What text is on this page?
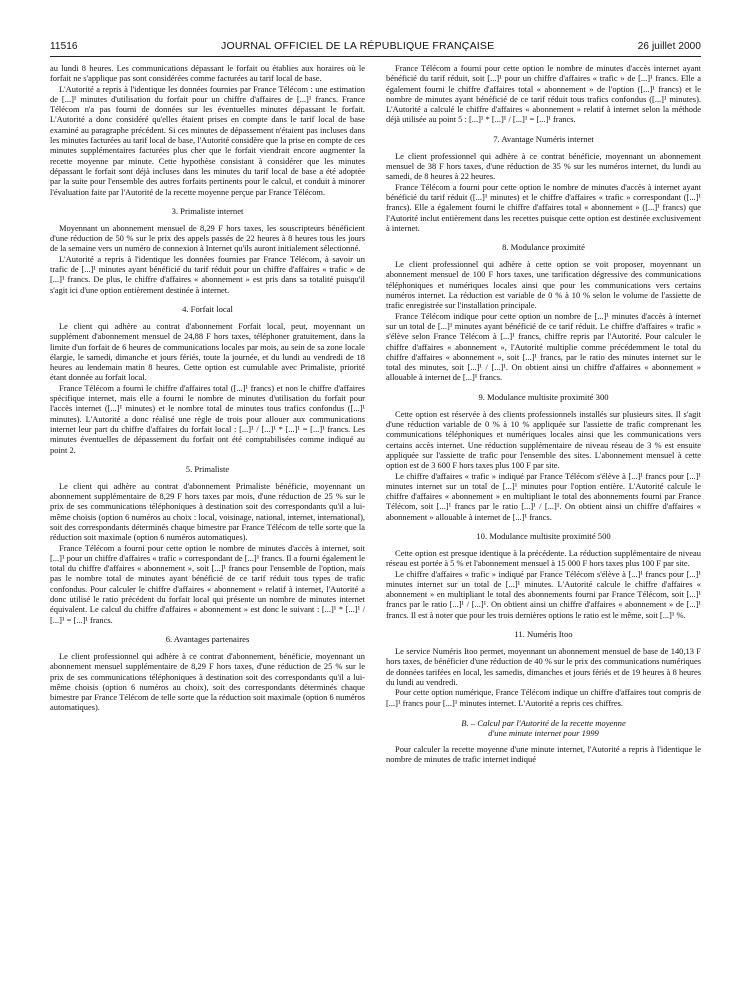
11516	JOURNAL OFFICIEL DE LA RÉPUBLIQUE FRANÇAISE	26 juillet 2000

au lundi 8 heures. Les communications dépassant le forfait ou établies aux horaires où le forfait ne s'applique pas sont considérées comme facturées au tarif local de base.

L'Autorité a repris à l'identique les données fournies par France Télécom : une estimation de [...]¹ minutes d'utilisation du forfait pour un chiffre d'affaires de [...]¹ francs. France Télécom n'a pas fourni de données sur les éventuelles minutes dépassant le forfait. L'Autorité a donc considéré qu'elles étaient prises en compte dans le tarif local de base examiné au paragraphe précédent. Si ces minutes de dépassement n'étaient pas incluses dans les minutes facturées au tarif local de base, l'Autorité considère que la prise en compte de ces minutes supplémentaires facturées plus cher que le forfait viendrait encore augmenter la recette moyenne par minute. Cette hypothèse consistant à considérer que les minutes dépassant le forfait sont déjà incluses dans les minutes du tarif local de base a été adoptée par la suite pour l'ensemble des autres forfaits pertinents pour le calcul, et conduit à minorer l'évaluation faite par l'Autorité de la recette moyenne perçue par France Télécom.

3. Primaliste internet

Moyennant un abonnement mensuel de 8,29 F hors taxes, les souscripteurs bénéficient d'une réduction de 50 % sur le prix des appels passés de 22 heures à 8 heures tous les jours de la semaine vers un numéro de connexion à Internet qu'ils auront initialement sélectionné.

L'Autorité a repris à l'identique les données fournies par France Télécom, à savoir un trafic de [...]¹ minutes ayant bénéficié du tarif réduit pour un chiffre d'affaires « trafic » de [...]¹ francs. De plus, le chiffre d'affaires « abonnement » est pris dans sa totalité puisqu'il s'agit ici d'une option entièrement destinée à internet.

4. Forfait local

Le client qui adhère au contrat d'abonnement Forfait local, peut, moyennant un supplément d'abonnement mensuel de 24,88 F hors taxes, téléphoner gratuitement, dans la limite d'un forfait de 6 heures de communications locales par mois, au sein de sa zone locale élargie, le samedi, dimanche et jours fériés, toute la journée, et du lundi au vendredi de 18 heures au lendemain matin 8 heures. Cette option est cumulable avec Primaliste, priorité étant donnée au forfait local.

France Télécom a fourni le chiffre d'affaires total ([...]¹ francs) et non le chiffre d'affaires spécifique internet, mais elle a fourni le nombre de minutes d'utilisation du forfait pour l'accès internet ([...]¹ minutes) et le nombre total de minutes tous trafics confondus ([...]¹ minutes). L'Autorité a donc réalisé une règle de trois pour allouer aux communications internet leur part du chiffre d'affaires du forfait local : [...]¹ / [...]¹ * [...]¹ = [...]¹ francs. Les minutes éventuelles de dépassement du forfait ont été comptabilisées comme indiqué au point 2.

5. Primaliste

Le client qui adhère au contrat d'abonnement Primaliste bénéficie, moyennant un abonnement supplémentaire de 8,29 F hors taxes par mois, d'une réduction de 25 % sur le prix de ses communications téléphoniques à destination soit des correspondants qu'il a lui-même choisis (option 6 numéros au choix : local, voisinage, national, internet, international), soit des correspondants déterminés chaque bimestre par France Télécom de telle sorte que la réduction soit maximale (option 6 numéros automatiques).

France Télécom a fourni pour cette option le nombre de minutes d'accès à internet, soit [...]¹ pour un chiffre d'affaires « trafic » correspondant de [...]¹ francs. Il a fourni également le total du chiffre d'affaires « abonnement », soit [...]¹ francs pour l'ensemble de l'option, mais pas le nombre total de minutes ayant bénéficié de ce tarif réduit tous types de trafic confondus. Pour calculer le chiffre d'affaires « abonnement » relatif à internet, l'Autorité a donc utilisé le ratio précédent du forfait local qui présente un nombre de minutes internet équivalent. Le calcul du chiffre d'affaires « abonnement » est donc le suivant : [...]¹ * [...]¹ / [...]¹ = [...]¹ francs.

6. Avantages partenaires

Le client professionnel qui adhère à ce contrat d'abonnement, bénéficie, moyennant un abonnement mensuel supplémentaire de 8,29 F hors taxes, d'une réduction de 25 % sur le prix de ses communications téléphoniques à destination soit des correspondants qu'il a lui-même choisis (option 6 numéros au choix), soit des correspondants déterminés chaque bimestre par France Télécom de telle sorte que la réduction soit maximale (option 6 numéros automatiques).

France Télécom a fourni pour cette option le nombre de minutes d'accès internet ayant bénéficié du tarif réduit, soit [...]¹ pour un chiffre d'affaires « trafic » de [...]¹ francs. Elle a également fourni le chiffre d'affaires total « abonnement » de l'option ([...]¹ francs) et le nombre de minutes ayant bénéficié de ce tarif réduit tous trafics confondus ([...]¹ minutes). L'Autorité a calculé le chiffre d'affaires « abonnement » relatif à internet selon la méthode déjà utilisée au point 5 : [...]¹ * [...]¹ / [...]¹ = [...]¹ francs.

7. Avantage Numéris internet

Le client professionnel qui adhère à ce contrat bénéficie, moyennant un abonnement mensuel de 38 F hors taxes, d'une réduction de 35 % sur les numéros internet, du lundi au samedi, de 8 heures à 22 heures.

France Télécom a fourni pour cette option le nombre de minutes d'accès à internet ayant bénéficié du tarif réduit ([...]¹ minutes) et le chiffre d'affaires « trafic » correspondant ([...]¹ francs). Elle a également fourni le chiffre d'affaires total « abonnement » ([...]¹ francs) que l'Autorité inclut entièrement dans les recettes puisque cette option est destinée exclusivement à internet.

8. Modulance proximité

Le client professionnel qui adhère à cette option se voit proposer, moyennant un abonnement mensuel de 100 F hors taxes, une tarification dégressive des communications téléphoniques et numériques locales ainsi que pour les communications vers certains numéros internet. La réduction est variable de 0 % à 10 % selon le volume de l'assiette de trafic enregistrée sur l'installation principale.

France Télécom indique pour cette option un nombre de [...]¹ minutes d'accès à internet sur un total de [...]¹ minutes ayant bénéficié de ce tarif réduit. Le chiffre d'affaires « trafic » s'élève selon France Télécom à [...]¹ francs, chiffre repris par l'Autorité. Pour calculer le chiffre d'affaires « abonnement », l'Autorité multiplie comme précédemment le total du chiffre d'affaires « abonnement », soit [...]¹ francs, par le ratio des minutes internet sur le total des minutes, soit [...]¹ / [...]¹. On obtient ainsi un chiffre d'affaires « abonnement » allouable à internet de [...]¹ francs.

9. Modulance multisite proximité 300

Cette option est réservée à des clients professionnels installés sur plusieurs sites. Il s'agit d'une réduction variable de 0 % à 10 % appliquée sur l'assiette de trafic comprenant les communications téléphoniques et numériques locales ainsi que les communications vers certains accès internet. Une réduction supplémentaire de niveau réseau de 3 % est ensuite appliquée sur l'assiette de trafic pour l'ensemble des sites. L'abonnement mensuel à cette option est de 3 600 F hors taxes plus 100 F par site.

Le chiffre d'affaires « trafic » indiqué par France Télécom s'élève à [...]¹ francs pour [...]¹ minutes internet sur un total de [...]¹ minutes pour l'option entière. L'Autorité calcule le chiffre d'affaires « abonnement » en multipliant le total des abonnements fourni par France Télécom, soit [...]¹ francs par le ratio [...]¹ / [...]¹. On obtient ainsi un chiffre d'affaires « abonnement » allouable à internet de [...]¹ francs.

10. Modulance multisite proximité 500

Cette option est presque identique à la précédente. La réduction supplémentaire de niveau réseau est portée à 5 % et l'abonnement mensuel à 15 000 F hors taxes plus 100 F par site.

Le chiffre d'affaires « trafic » indiqué par France Télécom s'élève à [...]¹ francs pour [...]¹ minutes internet sur un total de [...]¹ minutes. L'Autorité calcule le chiffre d'affaires « abonnement » en multipliant le total des abonnements fourni par France Télécom, soit [...]¹ francs par le ratio [...]¹ / [...]¹. On obtient ainsi un chiffre d'affaires « abonnement » de [...]¹ francs. Il est à noter que pour les trois dernières options le ratio est le même, soit [...]¹ %.

11. Numéris Itoo

Le service Numéris Itoo permet, moyennant un abonnement mensuel de base de 140,13 F hors taxes, de bénéficier d'une réduction de 40 % sur le prix des communications numériques de données tarifées en local, les samedis, dimanches et jours fériés et de 19 heures à 8 heures du lundi au vendredi.

Pour cette option numérique, France Télécom indique un chiffre d'affaires tout compris de [...]¹ francs pour [...]¹ minutes internet. L'Autorité a repris ces chiffres.

B. – Calcul par l'Autorité de la recette moyenne
d'une minute internet pour 1999

Pour calculer la recette moyenne d'une minute internet, l'Autorité a repris à l'identique le nombre de minutes de trafic internet indiqué
